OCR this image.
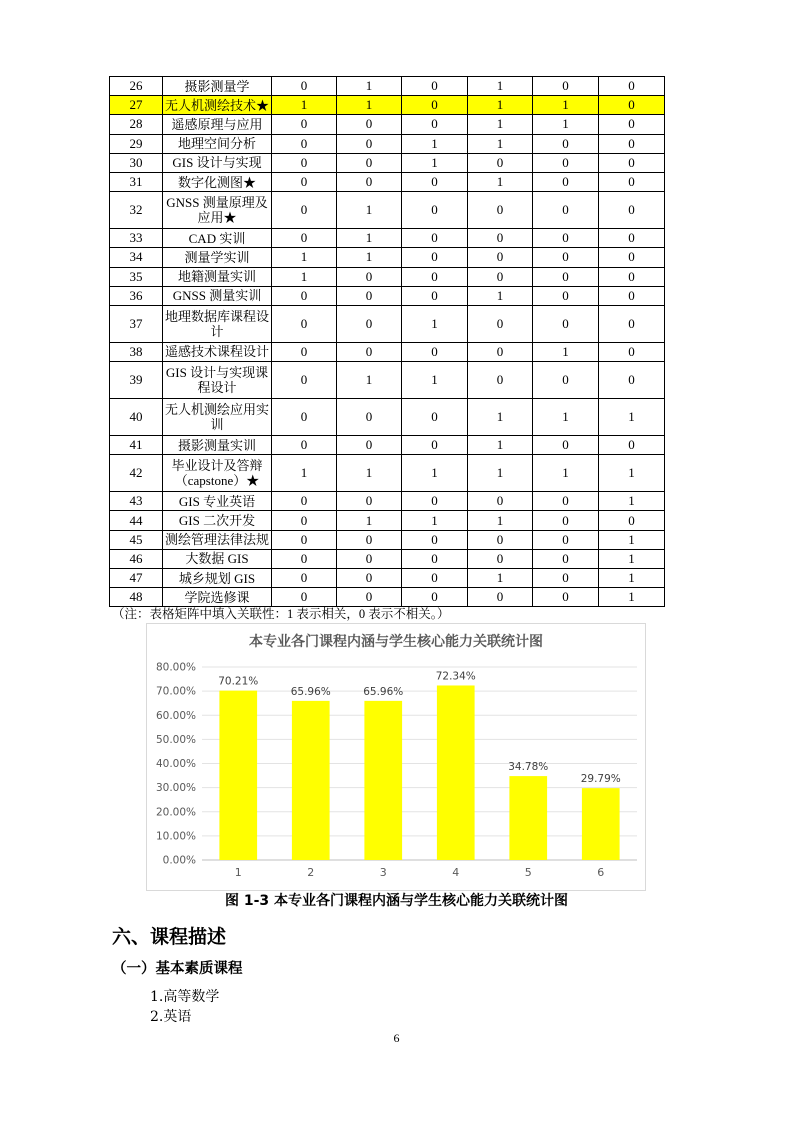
26	摄影测量学	0	1	0	1	0	0
27	无人机测绘技术★	1	1	0	1	1	0
28	遥感原理与应用	0	0	0	1	1	0
29	地理空间分析	0	0	1	1	0	0
30	GIS 设计与实现	0	0	1	0	0	0
31	数字化测图★	0	0	0	1	0	0
32	GNSS 测量原理及应用★	0	1	0	0	0	0
33	CAD 实训	0	1	0	0	0	0
34	测量学实训	1	1	0	0	0	0
35	地籍测量实训	1	0	0	0	0	0
36	GNSS 测量实训	0	0	0	1	0	0
37	地理数据库课程设计	0	0	1	0	0	0
38	遥感技术课程设计	0	0	0	0	1	0
39	GIS 设计与实现课程设计	0	1	1	0	0	0
40	无人机测绘应用实训	0	0	0	1	1	1
41	摄影测量实训	0	0	0	1	0	0
42	毕业设计及答辩（capstone）★	1	1	1	1	1	1
43	GIS 专业英语	0	0	0	0	0	1
44	GIS 二次开发	0	1	1	1	0	0
45	测绘管理法律法规	0	0	0	0	0	1
46	大数据 GIS	0	0	0	0	0	1
47	城乡规划 GIS	0	0	0	1	0	1
48	学院选修课	0	0	0	0	0	1
（注：表格矩阵中填入关联性：1 表示相关，0 表示不相关。）
本专业各门课程内涵与学生核心能力关联统计图
0.00%
10.00%
20.00%
30.00%
40.00%
50.00%
60.00%
70.00%
80.00%
70.21%
1
65.96%
2
65.96%
3
72.34%
4
34.78%
5
29.79%
6
图 1-3 本专业各门课程内涵与学生核心能力关联统计图
六、课程描述
（一）基本素质课程
1.高等数学
2.英语
6
